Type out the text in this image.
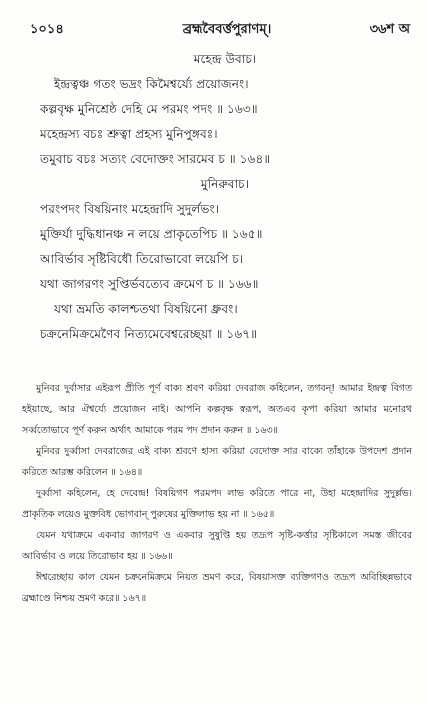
১০১৪	ব্রহ্মবৈবর্ত্তপুরাণম্।	৩৬শ অ
মহেন্দ্র উবাচ।
ইন্দ্রত্বঞ্চ গতং ভদ্রং কিমৈশ্বর্য্যে প্রয়োজনং।
কল্পবৃক্ষ মুনিশ্রেষ্ঠ দেহি মে পরমং পদং ॥ ১৬৩॥
মহেন্দ্রস্য বচঃ শ্রুত্বা প্রহস্য মুনিপুঙ্গবঃ।
তমুবাচ বচঃ সত্যং বেদোক্তং সারমেব চ ॥ ১৬৪॥
মুনিরুবাচ।
পরংপদং বিষয়িনাং মহেন্দ্রাদি সুদুর্লভং।
মুক্তির্যা দুদ্ধিধানঞ্চ ন লয়ে প্রাকৃতেপিচ ॥ ১৬৫॥
আবির্ভাব সৃষ্টিবিধৌ তিরোভাবো লয়েপি চ।
যথা জাগরণং সুপ্তির্ভবত্যেব ক্রমেণ চ ॥ ১৬৬॥
যথা ভ্রমতি কালশ্চতথা বিষয়িনো ধ্রুবং।
চক্রনেমিক্রমেণৈব নিত্যমেবেশ্বরেচ্ছয়া ॥ ১৬৭॥

মুনিবর দুর্বাসার এইরূপ প্রীতি পূর্ণ বাক্য শ্রবণ করিয়া দেবরাজ কহিলেন, তগবন্! আমার ইন্দ্রত্ব বিগত হইয়াছে, আর ঐশ্বর্য্যে প্রয়োজন নাই। আপনি কল্পবৃক্ষ স্বরূপ, অতএব কৃপা করিয়া আমার মনোরথ সর্ব্বতোভাবে পূর্ণ করুন অর্থাৎ আমাকে পরম পদ প্রদান করুন ॥ ১৬৩॥

মুনিবর দুর্ব্বাসা দেবরাজের এই বাক্য শ্রবণে হাস্য করিয়া বেদোক্ত সার বাক্যে তাঁহাকে উপদেশ প্রদান করিতে আরম্ভ করিলেন ॥ ১৬৪॥

দুর্ব্বাসা কহিলেন, হে দেবেন্দ্র! বিষয়িগণ পরমপদ লাভ করিতে পারে না, উহা মহেন্দ্রাদির সুদুর্ল্লভ। প্রাকৃতিক লয়েও মুক্তবিধ ভোগবান্ পুরুষের মুক্তিলাভ হয় না ॥ ১৬৫॥

যেমন যথাক্রমে একবার জাগরণ ও একবার সুষুপ্তি হয় তদ্রূপ সৃষ্টি-কর্ত্তার সৃষ্টিকালে সমস্ত জীবের আবির্ভাব ও লয়ে তিরোভাব হয় ॥ ১৬৬॥

ঈশ্বরেচ্ছায় কাল যেমন চক্রনেমিক্রমে নিয়ত ভ্রমণ করে, বিষয়াসক্ত ব্যক্তিগণও তদ্রূপ অবিচ্ছিন্নভাবে ব্রহ্মাণ্ডে নিশ্চয় ভ্রমণ করে॥ ১৬৭॥
